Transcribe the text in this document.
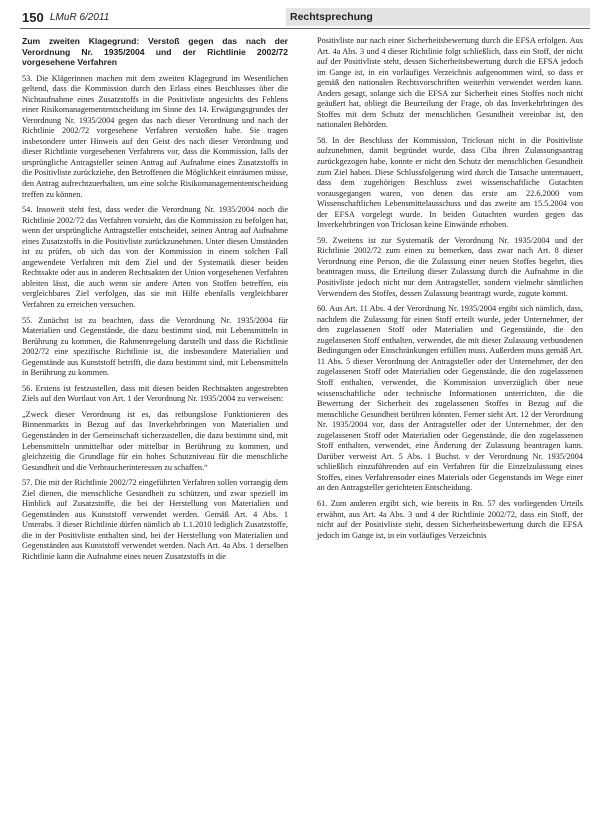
150 LMuR 6/2011	Rechtsprechung
Zum zweiten Klagegrund: Verstoß gegen das nach der Verordnung Nr. 1935/2004 und der Richtlinie 2002/72 vorgesehene Verfahren

53. Die Klägerinnen machen mit dem zweiten Klagegrund im Wesentlichen geltend, dass die Kommission durch den Erlass eines Beschlusses über die Nichtaufnahme eines Zusatzstoffs in die Positivliste angesichts des Fehlens einer Risikomanagemententscheidung im Sinne des 14. Erwägungsgrundes der Verordnung Nr. 1935/2004 gegen das nach dieser Verordnung und nach der Richtlinie 2002/72 vorgesehene Verfahren verstoßen habe. Sie tragen insbesondere unter Hinweis auf den Geist des nach dieser Verordnung und dieser Richtlinie vorgesehenen Verfahrens vor, dass die Kommission, falls der ursprüngliche Antragsteller seinen Antrag auf Aufnahme eines Zusatzstoffs in die Positivliste zurückziehe, den Betroffenen die Möglichkeit einräumen müsse, den Antrag aufrechtzuerhalten, um eine solche Risikomanagemententscheidung treffen zu können.

54. Insoweit steht fest, dass weder die Verordnung Nr. 1935/2004 noch die Richtlinie 2002/72 das Verfahren vorsieht, das die Kommission zu befolgen hat, wenn der ursprüngliche Antragsteller entscheidet, seinen Antrag auf Aufnahme eines Zusatzstoffs in die Positivliste zurückzunehmen. Unter diesen Umständen ist zu prüfen, ob sich das von der Kommission in einem solchen Fall angewendete Verfahren mit dem Ziel und der Systematik dieser beiden Rechtsakte oder aus in anderen Rechtsakten der Union vorgesehenen Verfahren ableiten lässt, die auch wenn sie andere Arten von Stoffen betreffen, ein vergleichbares Ziel verfolgen, das sie mit Hilfe ebenfalls vergleichbarer Verfahren zu erreichen versuchen.

55. Zunächst ist zu beachten, dass die Verordnung Nr. 1935/2004 für Materialien und Gegenstände, die dazu bestimmt sind, mit Lebensmitteln in Berührung zu kommen, die Rahmenregelung darstellt und dass die Richtlinie 2002/72 eine spezifische Richtlinie ist, die insbesondere Materialien und Gegenstände aus Kunststoff betrifft, die dazu bestimmt sind, mit Lebensmitteln in Berührung zu kommen.

56. Erstens ist festzustellen, dass mit diesen beiden Rechtsakten angestrebten Ziels auf den Wortlaut von Art. 1 der Verordnung Nr. 1935/2004 zu verweisen:

„Zweck dieser Verordnung ist es, das reibungslose Funktionieren des Binnenmarkts in Bezug auf das Inverkehrbringen von Materialien und Gegenständen in der Gemeinschaft sicherzustellen, die dazu bestimmt sind, mit Lebensmitteln unmittelbar oder mittelbar in Berührung zu kommen, und gleichzeitig die Grundlage für ein hohes Schutzniveau für die menschliche Gesundheit und die Verbraucherinteressen zu schaffen.“

57. Die mit der Richtlinie 2002/72 eingeführten Verfahren sollen vorrangig dem Ziel dienen, die menschliche Gesundheit zu schützen, und zwar speziell im Hinblick auf Zusatzstoffe, die bei der Herstellung von Materialien und Gegenständen aus Kunststoff verwendet werden. Gemäß Art. 4 Abs. 1 Unterabs. 3 dieser Richtlinie dürfen nämlich ab 1.1.2010 lediglich Zusatzstoffe, die in der Positivliste enthalten sind, bei der Herstellung von Materialien und Gegenständen aus Kunststoff verwendet werden. Nach Art. 4a Abs. 1 derselben Richtlinie kann die Aufnahme eines neuen Zusatzstoffs in die

Positivliste nur nach einer Sicherheitsbewertung durch die EFSA erfolgen. Aus Art. 4a Abs. 3 und 4 dieser Richtlinie folgt schließlich, dass ein Stoff, der nicht auf der Positivliste steht, dessen Sicherheitsbewertung durch die EFSA jedoch im Gange ist, in ein vorläufiges Verzeichnis aufgenommen wird, so dass er gemäß den nationalen Rechtsvorschriften weiterhin verwendet werden kann. Anders gesagt, solange sich die EFSA zur Sicherheit eines Stoffes noch nicht geäußert hat, obliegt die Beurteilung der Frage, ob das Inverkehrbringen des Stoffes mit dem Schutz der menschlichen Gesundheit vereinbar ist, den nationalen Behörden.

58. In der Beschluss der Kommission, Triclosan nicht in die Positivliste aufzunehmen, damit begründet wurde, dass Ciba ihren Zulassungsantrag zurückgezogen habe, konnte er nicht den Schutz der menschlichen Gesundheit zum Ziel haben. Diese Schlussfolgerung wird durch die Tatsache untermauert, dass dem zugehörigen Beschluss zwei wissenschaftliche Gutachten vorausgegangen waren, von denen das erste am 22.6.2000 vom Wissenschaftlichen Lebensmittelausschuss und das zweite am 15.5.2004 von der EFSA vorgelegt wurde. In beiden Gutachten wurden gegen das Inverkehrbringen von Triclosan keine Einwände erhoben.

59. Zweitens ist zur Systematik der Verordnung Nr. 1935/2004 und der Richtlinie 2002/72 zum einen zu bemerken, dass zwar nach Art. 8 dieser Verordnung eine Person, die die Zulassung einer neuen Stoffes begehrt, dies beantragen muss, die Erteilung dieser Zulassung durch die Aufnahme in die Positivliste jedoch nicht nur dem Antragsteller, sondern vielmehr sämtlichen Verwendern des Stoffes, dessen Zulassung beantragt wurde, zugute kommt.

60. Aus Art. 11 Abs. 4 der Verordnung Nr. 1935/2004 ergibt sich nämlich, dass, nachdem die Zulassung für einen Stoff erteilt wurde, jeder Unternehmer, der den zugelassenen Stoff oder Materialien und Gegenstände, die den zugelassenen Stoff enthalten, verwendet, die mit dieser Zulassung verbundenen Bedingungen oder Einschränkungen erfüllen muss. Außerdem muss gemäß Art. 11 Abs. 5 dieser Verordnung der Antragsteller oder der Unternehmer, der den zugelassenen Stoff oder Materialien oder Gegenstände, die den zugelassenen Stoff enthalten, verwendet, die Kommission unverzüglich über neue wissenschaftliche oder technische Informationen unterrichten, die die Bewertung der Sicherheit des zugelassenen Stoffes in Bezug auf die menschliche Gesundheit berühren könnten. Ferner sieht Art. 12 der Verordnung Nr. 1935/2004 vor, dass der Antragsteller oder der Unternehmer, der den zugelassenen Stoff oder Materialien oder Gegenstände, die den zugelassenen Stoff enthalten, verwendet, eine Änderung der Zulassung beantragen kann. Darüber verweist Art. 5 Abs. 1 Buchst. v der Verordnung Nr. 1935/2004 schließlich einzuführenden auf ein Verfahren für die Einzelzulassung eines Stoffes, eines Verfahrensoder eines Materials oder Gegenstands im Wege einer an den Antragsteller gerichteten Entscheidung.

61. Zum anderen ergibt sich, wie bereits in Rn. 57 des vorliegenden Urteils erwähnt, aus Art. 4a Abs. 3 und 4 der Richtlinie 2002/72, dass ein Stoff, der nicht auf der Positivliste steht, dessen Sicherheitsbewertung durch die EFSA jedoch im Gange ist, in ein vorläufiges Verzeichnis
